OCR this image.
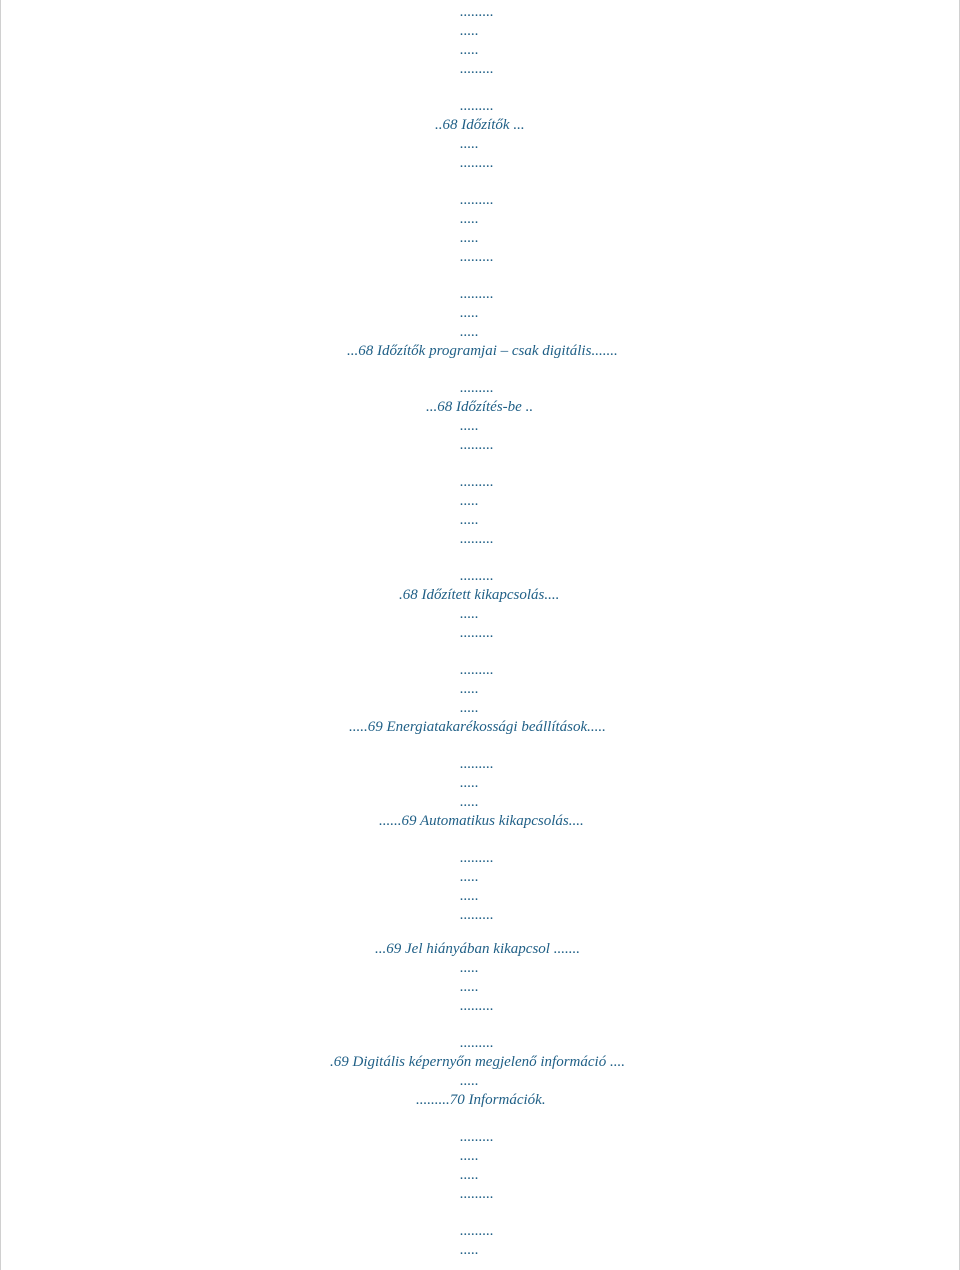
.........
.....
.....
.........
.........
..68 Időzítők ...
.....
.........
.........
.....
.....
.........
.........
.....
.....
...68 Időzítők programjai – csak digitális.......
.........
...68 Időzítés-be ..
.....
.........
.........
.....
.....
.........
.........
.68 Időzített kikapcsolás....
.....
.........
.........
.....
.....
.....69 Energiatakarékossági beállítások.....
.........
.....
.....
......69 Automatikus kikapcsolás....
.........
.....
.....
.........
...69 Jel hiányában kikapcsol .......
.....
.....
.........
.........
.69 Digitális képernyőn megjelenő információ ....
.....
.........70 Információk.
.........
.....
.....
.........
.........
.....
